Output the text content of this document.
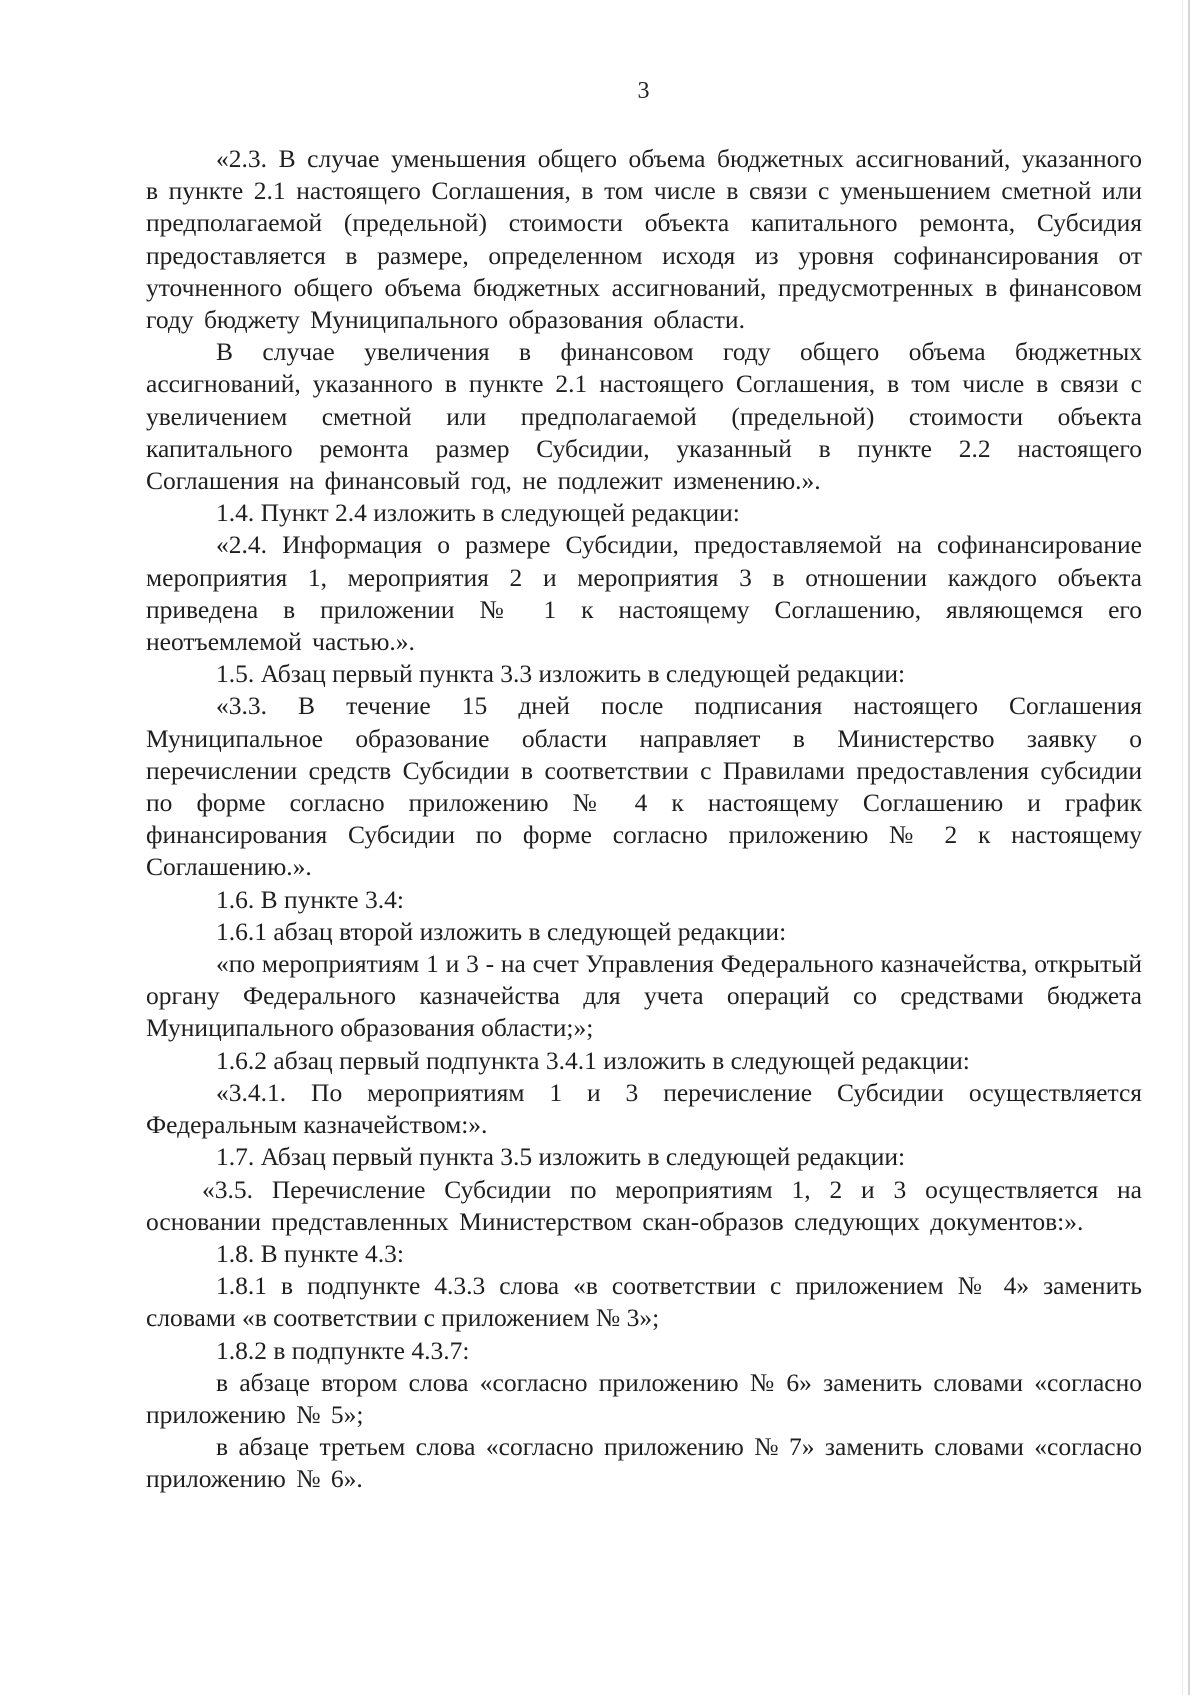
3

«2.3. В случае уменьшения общего объема бюджетных ассигнований, указанного в пункте 2.1 настоящего Соглашения, в том числе в связи с уменьшением сметной или предполагаемой (предельной) стоимости объекта капитального ремонта, Субсидия предоставляется в размере, определенном исходя из уровня софинансирования от уточненного общего объема бюджетных ассигнований, предусмотренных в финансовом году бюджету Муниципального образования области.

В случае увеличения в финансовом году общего объема бюджетных ассигнований, указанного в пункте 2.1 настоящего Соглашения, в том числе в связи с увеличением сметной или предполагаемой (предельной) стоимости объекта капитального ремонта размер Субсидии, указанный в пункте 2.2 настоящего Соглашения на финансовый год, не подлежит изменению.».

1.4. Пункт 2.4 изложить в следующей редакции:

«2.4. Информация о размере Субсидии, предоставляемой на софинансирование мероприятия 1, мероприятия 2 и мероприятия 3 в отношении каждого объекта приведена в приложении № 1 к настоящему Соглашению, являющемся его неотъемлемой частью.».

1.5. Абзац первый пункта 3.3 изложить в следующей редакции:

«3.3. В течение 15 дней после подписания настоящего Соглашения Муниципальное образование области направляет в Министерство заявку о перечислении средств Субсидии в соответствии с Правилами предоставления субсидии по форме согласно приложению № 4 к настоящему Соглашению и график финансирования Субсидии по форме согласно приложению № 2 к настоящему Соглашению.».

1.6. В пункте 3.4:

1.6.1 абзац второй изложить в следующей редакции:

«по мероприятиям 1 и 3 - на счет Управления Федерального казначейства, открытый органу Федерального казначейства для учета операций со средствами бюджета Муниципального образования области;»;

1.6.2 абзац первый подпункта 3.4.1 изложить в следующей редакции:

«3.4.1. По мероприятиям 1 и 3 перечисление Субсидии осуществляется Федеральным казначейством:».

1.7. Абзац первый пункта 3.5 изложить в следующей редакции:

«3.5. Перечисление Субсидии по мероприятиям 1, 2 и 3 осуществляется на основании представленных Министерством скан-образов следующих документов:».

1.8. В пункте 4.3:

1.8.1 в подпункте 4.3.3 слова «в соответствии с приложением № 4» заменить словами «в соответствии с приложением № 3»;

1.8.2 в подпункте 4.3.7:

в абзаце втором слова «согласно приложению № 6» заменить словами «согласно приложению № 5»;

в абзаце третьем слова «согласно приложению № 7» заменить словами «согласно приложению № 6».
